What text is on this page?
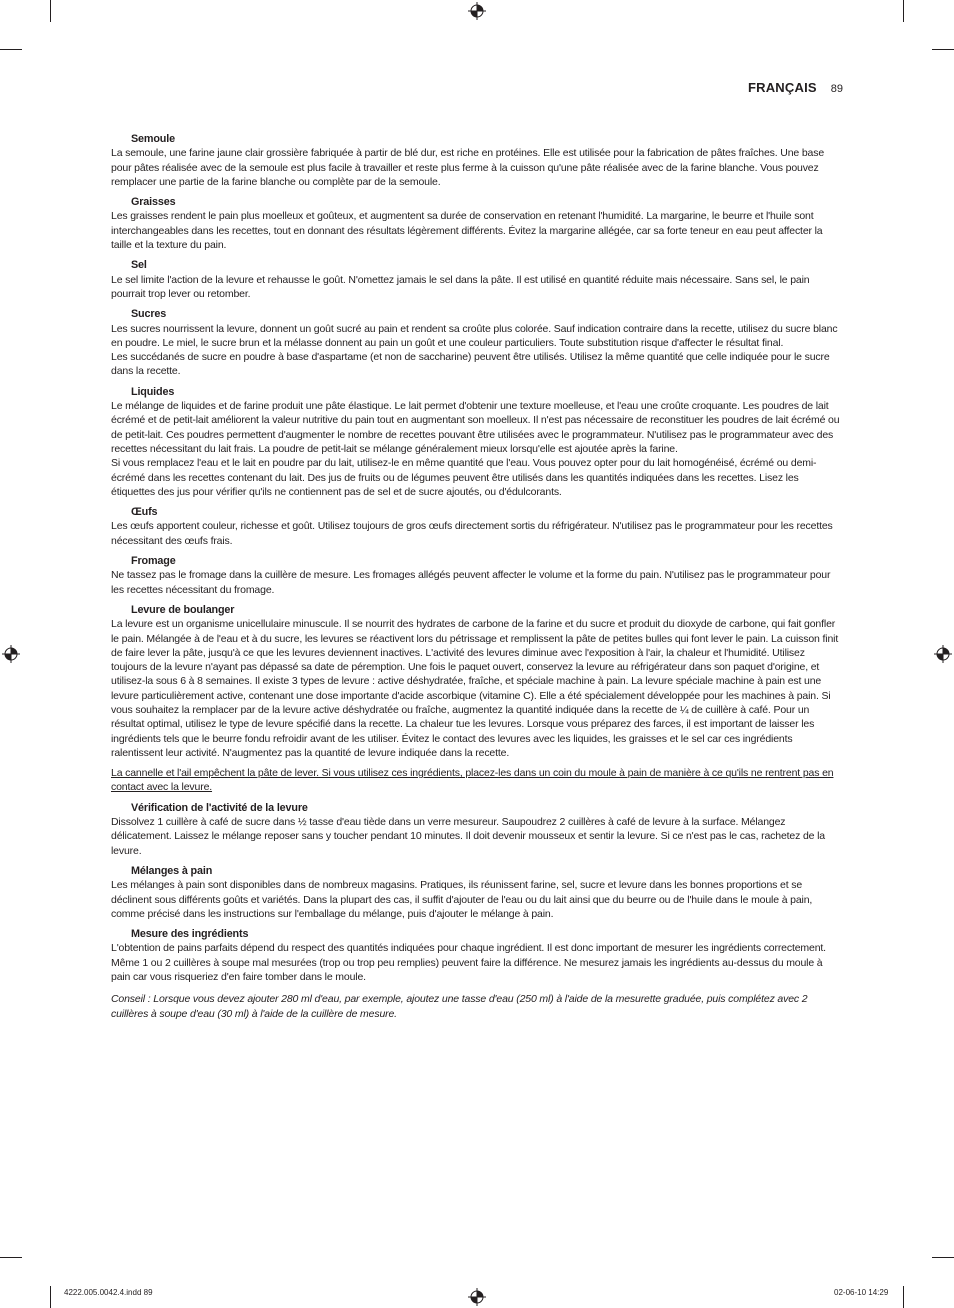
FRANÇAIS 89
Semoule

La semoule, une farine jaune clair grossière fabriquée à partir de blé dur, est riche en protéines. Elle est utilisée pour la fabrication de pâtes fraîches. Une base pour pâtes réalisée avec de la semoule est plus facile à travailler et reste plus ferme à la cuisson qu'une pâte réalisée avec de la farine blanche. Vous pouvez remplacer une partie de la farine blanche ou complète par de la semoule.

Graisses

Les graisses rendent le pain plus moelleux et goûteux, et augmentent sa durée de conservation en retenant l'humidité. La margarine, le beurre et l'huile sont interchangeables dans les recettes, tout en donnant des résultats légèrement différents. Évitez la margarine allégée, car sa forte teneur en eau peut affecter la taille et la texture du pain.

Sel

Le sel limite l'action de la levure et rehausse le goût. N'omettez jamais le sel dans la pâte. Il est utilisé en quantité réduite mais nécessaire. Sans sel, le pain pourrait trop lever ou retomber.

Sucres

Les sucres nourrissent la levure, donnent un goût sucré au pain et rendent sa croûte plus colorée. Sauf indication contraire dans la recette, utilisez du sucre blanc en poudre. Le miel, le sucre brun et la mélasse donnent au pain un goût et une couleur particuliers. Toute substitution risque d'affecter le résultat final.

Les succédanés de sucre en poudre à base d'aspartame (et non de saccharine) peuvent être utilisés. Utilisez la même quantité que celle indiquée pour le sucre dans la recette.

Liquides

Le mélange de liquides et de farine produit une pâte élastique. Le lait permet d'obtenir une texture moelleuse, et l'eau une croûte croquante. Les poudres de lait écrémé et de petit-lait améliorent la valeur nutritive du pain tout en augmentant son moelleux. Il n'est pas nécessaire de reconstituer les poudres de lait écrémé ou de petit-lait. Ces poudres permettent d'augmenter le nombre de recettes pouvant être utilisées avec le programmateur. N'utilisez pas le programmateur avec des recettes nécessitant du lait frais. La poudre de petit-lait se mélange généralement mieux lorsqu'elle est ajoutée après la farine.

Si vous remplacez l'eau et le lait en poudre par du lait, utilisez-le en même quantité que l'eau. Vous pouvez opter pour du lait homogénéisé, écrémé ou demi-écrémé dans les recettes contenant du lait. Des jus de fruits ou de légumes peuvent être utilisés dans les quantités indiquées dans les recettes. Lisez les étiquettes des jus pour vérifier qu'ils ne contiennent pas de sel et de sucre ajoutés, ou d'édulcorants.

Œufs

Les œufs apportent couleur, richesse et goût. Utilisez toujours de gros œufs directement sortis du réfrigérateur. N'utilisez pas le programmateur pour les recettes nécessitant des œufs frais.

Fromage

Ne tassez pas le fromage dans la cuillère de mesure. Les fromages allégés peuvent affecter le volume et la forme du pain. N'utilisez pas le programmateur pour les recettes nécessitant du fromage.

Levure de boulanger

La levure est un organisme unicellulaire minuscule. Il se nourrit des hydrates de carbone de la farine et du sucre et produit du dioxyde de carbone, qui fait gonfler le pain. Mélangée à de l'eau et à du sucre, les levures se réactivent lors du pétrissage et remplissent la pâte de petites bulles qui font lever le pain. La cuisson finit de faire lever la pâte, jusqu'à ce que les levures deviennent inactives. L'activité des levures diminue avec l'exposition à l'air, la chaleur et l'humidité. Utilisez toujours de la levure n'ayant pas dépassé sa date de péremption. Une fois le paquet ouvert, conservez la levure au réfrigérateur dans son paquet d'origine, et utilisez-la sous 6 à 8 semaines. Il existe 3 types de levure : active déshydratée, fraîche, et spéciale machine à pain. La levure spéciale machine à pain est une levure particulièrement active, contenant une dose importante d'acide ascorbique (vitamine C). Elle a été spécialement développée pour les machines à pain. Si vous souhaitez la remplacer par de la levure active déshydratée ou fraîche, augmentez la quantité indiquée dans la recette de ¼ de cuillère à café. Pour un résultat optimal, utilisez le type de levure spécifié dans la recette. La chaleur tue les levures. Lorsque vous préparez des farces, il est important de laisser les ingrédients tels que le beurre fondu refroidir avant de les utiliser. Évitez le contact des levures avec les liquides, les graisses et le sel car ces ingrédients ralentissent leur activité. N'augmentez pas la quantité de levure indiquée dans la recette.

La cannelle et l'ail empêchent la pâte de lever. Si vous utilisez ces ingrédients, placez-les dans un coin du moule à pain de manière à ce qu'ils ne rentrent pas en contact avec la levure.

Vérification de l'activité de la levure

Dissolvez 1 cuillère à café de sucre dans ½ tasse d'eau tiède dans un verre mesureur. Saupoudrez 2 cuillères à café de levure à la surface. Mélangez délicatement. Laissez le mélange reposer sans y toucher pendant 10 minutes. Il doit devenir mousseux et sentir la levure. Si ce n'est pas le cas, rachetez de la levure.

Mélanges à pain

Les mélanges à pain sont disponibles dans de nombreux magasins. Pratiques, ils réunissent farine, sel, sucre et levure dans les bonnes proportions et se déclinent sous différents goûts et variétés. Dans la plupart des cas, il suffit d'ajouter de l'eau ou du lait ainsi que du beurre ou de l'huile dans le moule à pain, comme précisé dans les instructions sur l'emballage du mélange, puis d'ajouter le mélange à pain.

Mesure des ingrédients

L'obtention de pains parfaits dépend du respect des quantités indiquées pour chaque ingrédient. Il est donc important de mesurer les ingrédients correctement. Même 1 ou 2 cuillères à soupe mal mesurées (trop ou trop peu remplies) peuvent faire la différence. Ne mesurez jamais les ingrédients au-dessus du moule à pain car vous risqueriez d'en faire tomber dans le moule.

Conseil : Lorsque vous devez ajouter 280 ml d'eau, par exemple, ajoutez une tasse d'eau (250 ml) à l'aide de la mesurette graduée, puis complétez avec 2 cuillères à soupe d'eau (30 ml) à l'aide de la cuillère de mesure.

4222.005.0042.4.indd 89	02-06-10 14:29
